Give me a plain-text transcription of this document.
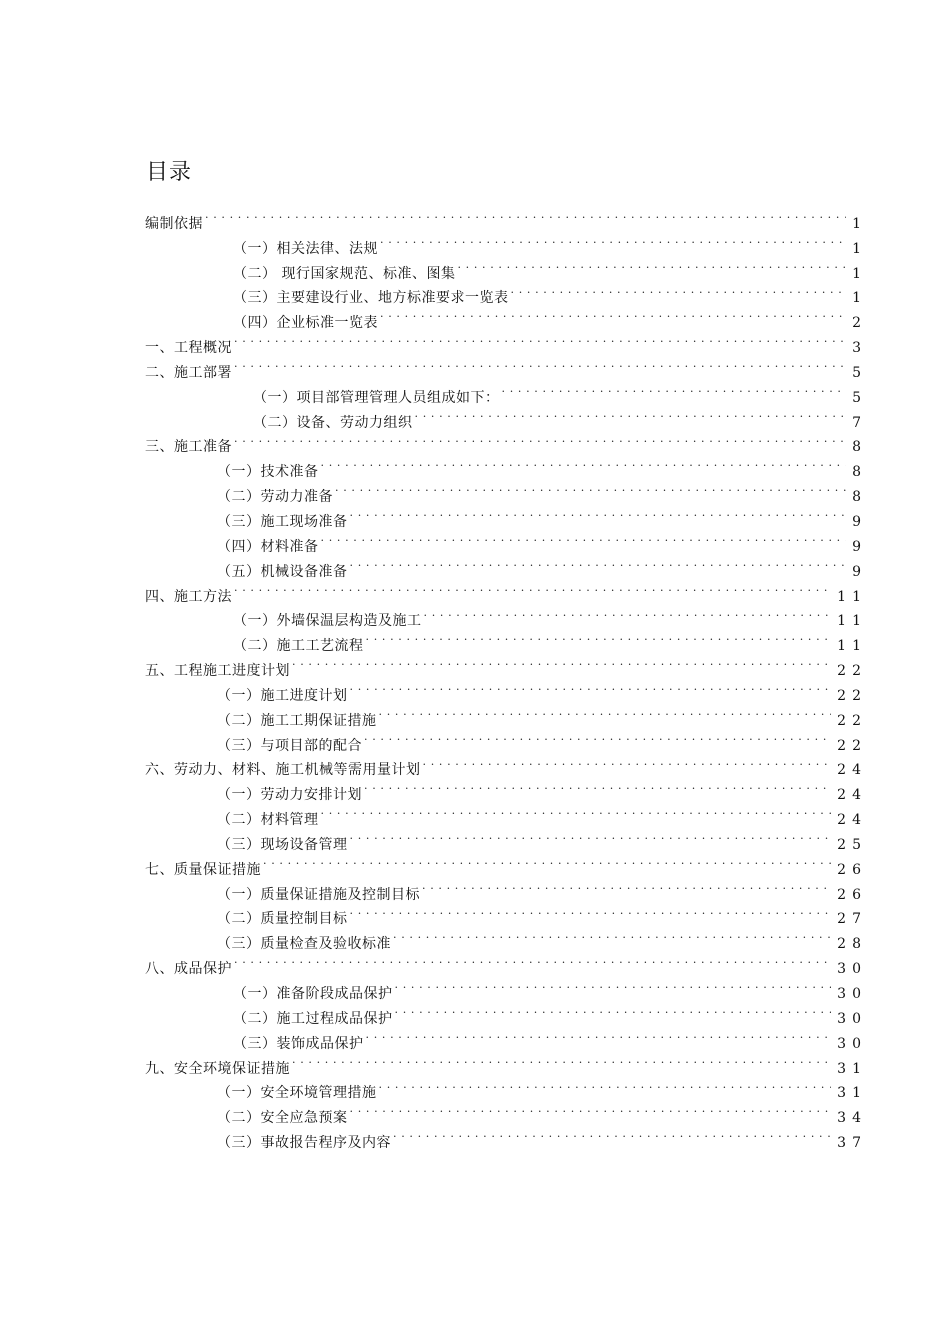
目录
编制依据 . . .	1
（一）相关法律、法规 . . .	1
（二） 现行国家规范、标准、图集 . . .	1
（三）主要建设行业、地方标准要求一览表 . . .	1
（四）企业标准一览表 . . .	2
一、工程概况 . . .	3
二、施工部署 . . .	5
（一）项目部管理管理人员组成如下： . . .	5
（二）设备、劳动力组织 . . .	7
三、施工准备 . . .	8
（一）技术准备 . . .	8
（二）劳动力准备 . . .	8
（三）施工现场准备 . . .	9
（四）材料准备 . . .	9
（五）机械设备准备 . . .	9
四、施工方法 . . .	11
（一）外墙保温层构造及施工 . . .	11
（二）施工工艺流程 . . .	11
五、工程施工进度计划 . . .	22
（一）施工进度计划 . . .	22
（二）施工工期保证措施 . . .	22
（三）与项目部的配合 . . .	22
六、劳动力、材料、施工机械等需用量计划 . . .	24
（一）劳动力安排计划 . . .	24
（二）材料管理 . . .	24
（三）现场设备管理 . . .	25
七、质量保证措施 . . .	26
（一）质量保证措施及控制目标 . . .	26
（二）质量控制目标 . . .	27
（三）质量检查及验收标准 . . .	28
八、成品保护 . . .	30
（一）准备阶段成品保护 . . .	30
（二）施工过程成品保护 . . .	30
（三）装饰成品保护 . . .	30
九、安全环境保证措施 . . .	31
（一）安全环境管理措施 . . .	31
（二）安全应急预案 . . .	34
（三）事故报告程序及内容 . . .	37
